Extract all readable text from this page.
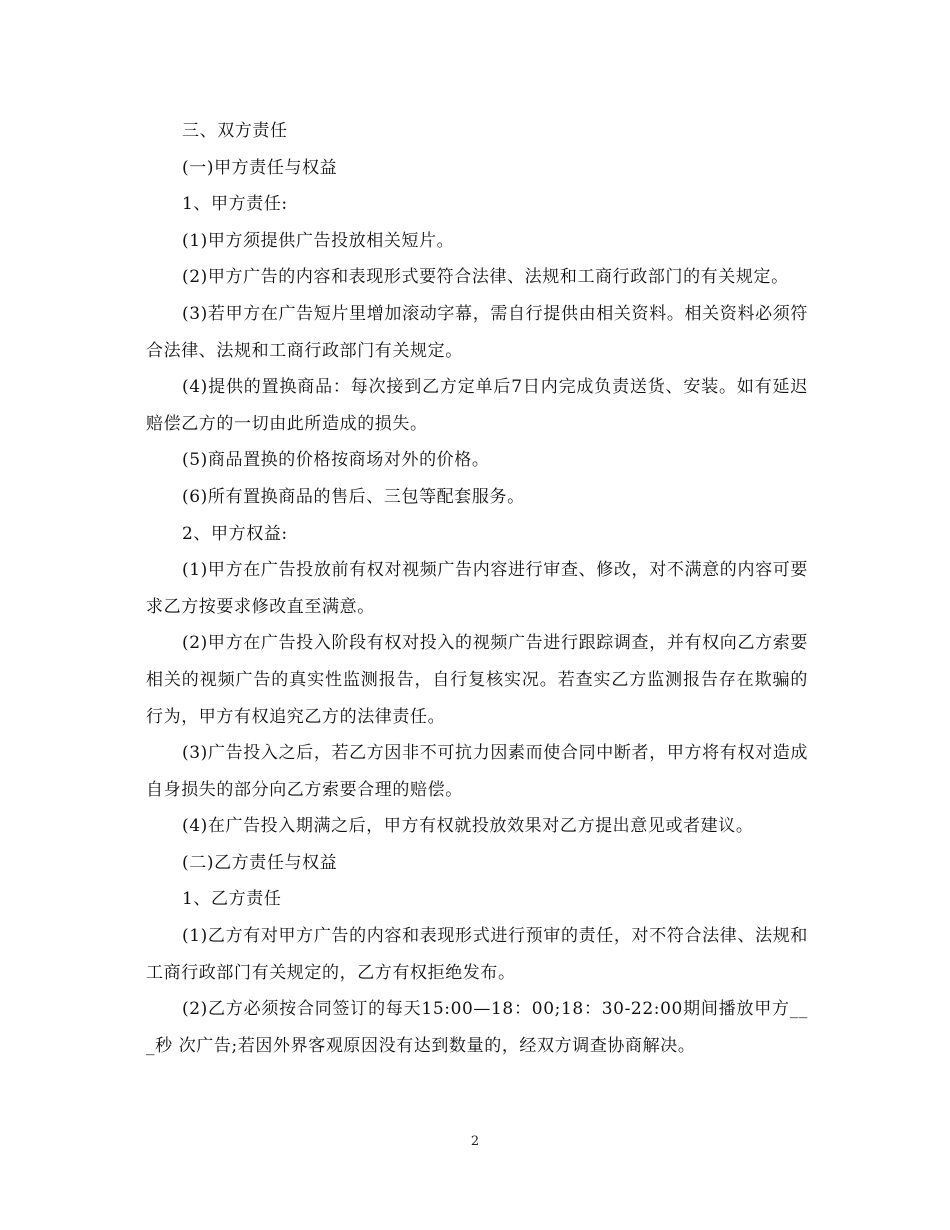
三、双方责任

(一)甲方责任与权益

1、甲方责任:

(1)甲方须提供广告投放相关短片。

(2)甲方广告的内容和表现形式要符合法律、法规和工商行政部门的有关规定。

(3)若甲方在广告短片里增加滚动字幕，需自行提供由相关资料。相关资料必须符合法律、法规和工商行政部门有关规定。

(4)提供的置换商品：每次接到乙方定单后7日内完成负责送货、安装。如有延迟赔偿乙方的一切由此所造成的损失。

(5)商品置换的价格按商场对外的价格。

(6)所有置换商品的售后、三包等配套服务。

2、甲方权益:

(1)甲方在广告投放前有权对视频广告内容进行审查、修改，对不满意的内容可要求乙方按要求修改直至满意。

(2)甲方在广告投入阶段有权对投入的视频广告进行跟踪调查，并有权向乙方索要相关的视频广告的真实性监测报告，自行复核实况。若查实乙方监测报告存在欺骗的行为，甲方有权追究乙方的法律责任。

(3)广告投入之后，若乙方因非不可抗力因素而使合同中断者，甲方将有权对造成自身损失的部分向乙方索要合理的赔偿。

(4)在广告投入期满之后，甲方有权就投放效果对乙方提出意见或者建议。

(二)乙方责任与权益

1、乙方责任

(1)乙方有对甲方广告的内容和表现形式进行预审的责任，对不符合法律、法规和工商行政部门有关规定的，乙方有权拒绝发布。

(2)乙方必须按合同签订的每天15:00—18：00;18：30-22:00期间播放甲方___秒 次广告;若因外界客观原因没有达到数量的，经双方调查协商解决。

2
